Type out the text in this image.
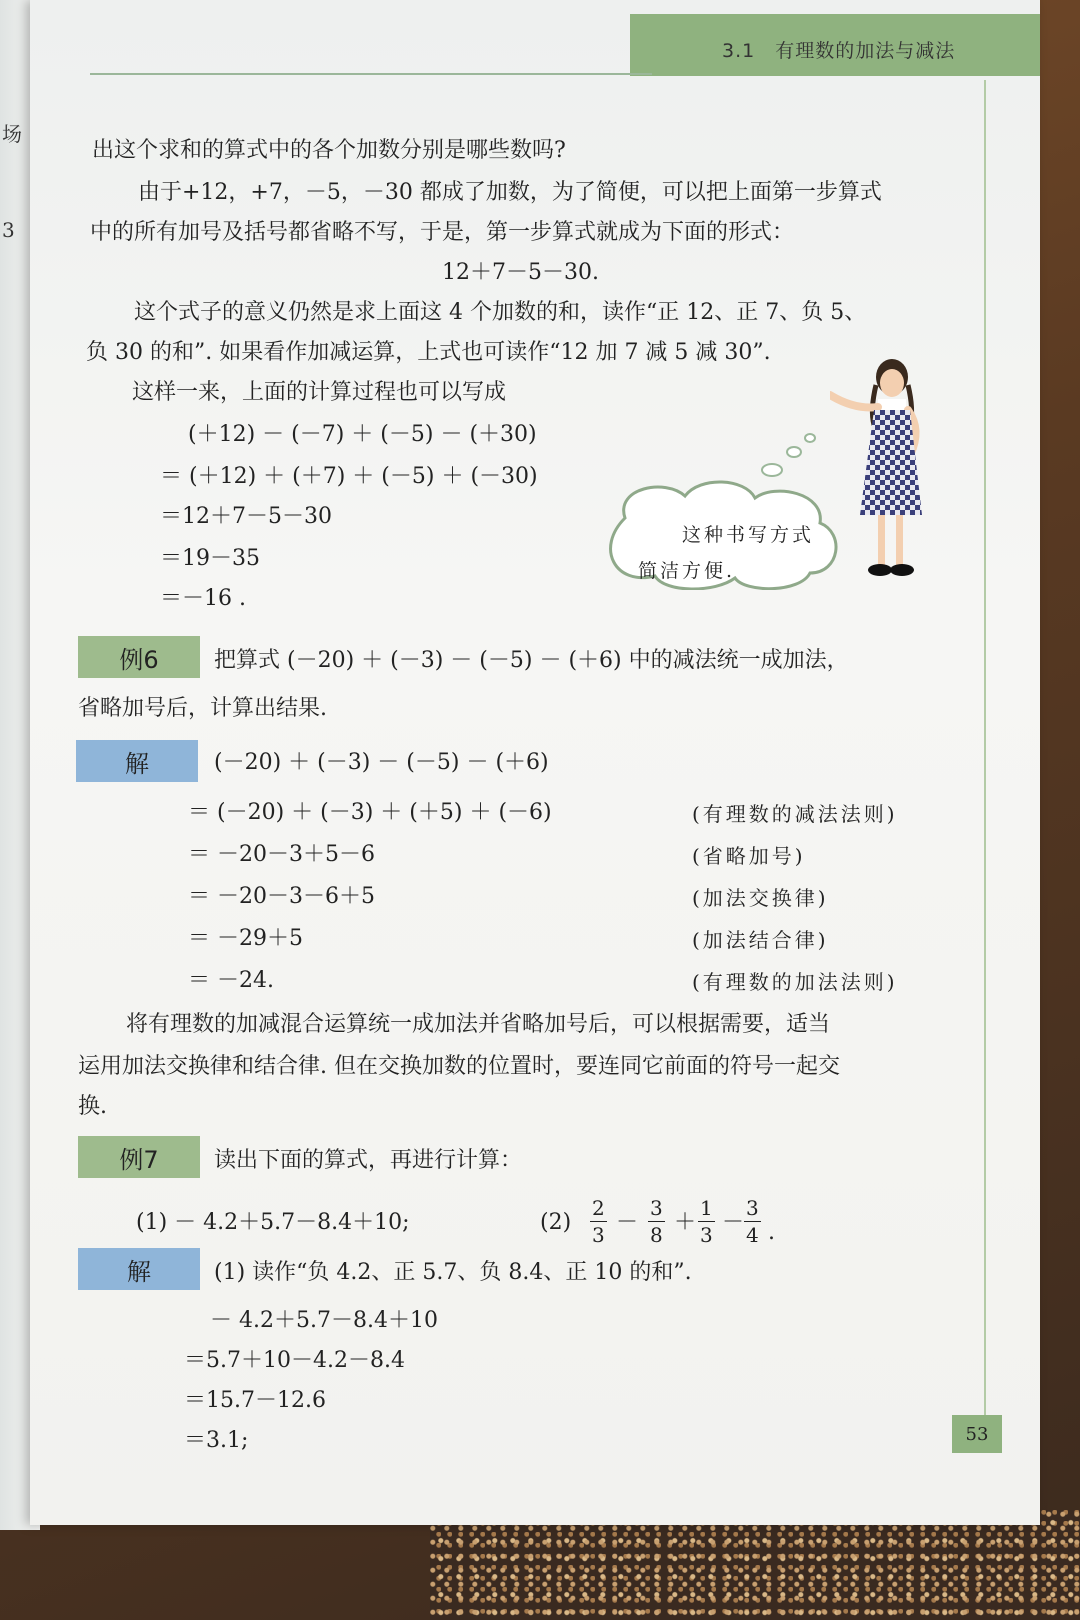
场
3
3.1　有理数的加法与减法
出这个求和的算式中的各个加数分别是哪些数吗?
由于+12，+7，－5，－30 都成了加数，为了简便，可以把上面第一步算式
中的所有加号及括号都省略不写，于是，第一步算式就成为下面的形式：
12＋7－5－30.
这个式子的意义仍然是求上面这 4 个加数的和，读作“正 12、正 7、负 5、
负 30 的和”. 如果看作加减运算，上式也可读作“12 加 7 减 5 减 30”.
这样一来，上面的计算过程也可以写成
(＋12) － (－7) ＋ (－5) － (＋30)
＝ (＋12) ＋ (＋7) ＋ (－5) ＋ (－30)
＝12＋7－5－30
＝19－35
＝－16 .
这种书写方式
简洁方便.
例6	把算式 (－20) ＋ (－3) － (－5) － (＋6) 中的减法统一成加法，
省略加号后，计算出结果.
解	(－20) ＋ (－3) － (－5) － (＋6)
＝ (－20) ＋ (－3) ＋ (＋5) ＋ (－6)	(有理数的减法法则)
＝ －20－3＋5－6	(省略加号)
＝ －20－3－6＋5	(加法交换律)
＝ －29＋5	(加法结合律)
＝ －24.	(有理数的加法法则)
将有理数的加减混合运算统一成加法并省略加号后，可以根据需要，适当
运用加法交换律和结合律. 但在交换加数的位置时，要连同它前面的符号一起交
换.
例7	读出下面的算式，再进行计算：
(1) － 4.2＋5.7－8.4＋10;	$(2) \frac{2}{3} - \frac{3}{8} + \frac{1}{3} - \frac{3}{4}$ .
解	(1) 读作“负 4.2、正 5.7、负 8.4、正 10 的和”.
－ 4.2＋5.7－8.4＋10
＝5.7＋10－4.2－8.4
＝15.7－12.6
＝3.1;	53
